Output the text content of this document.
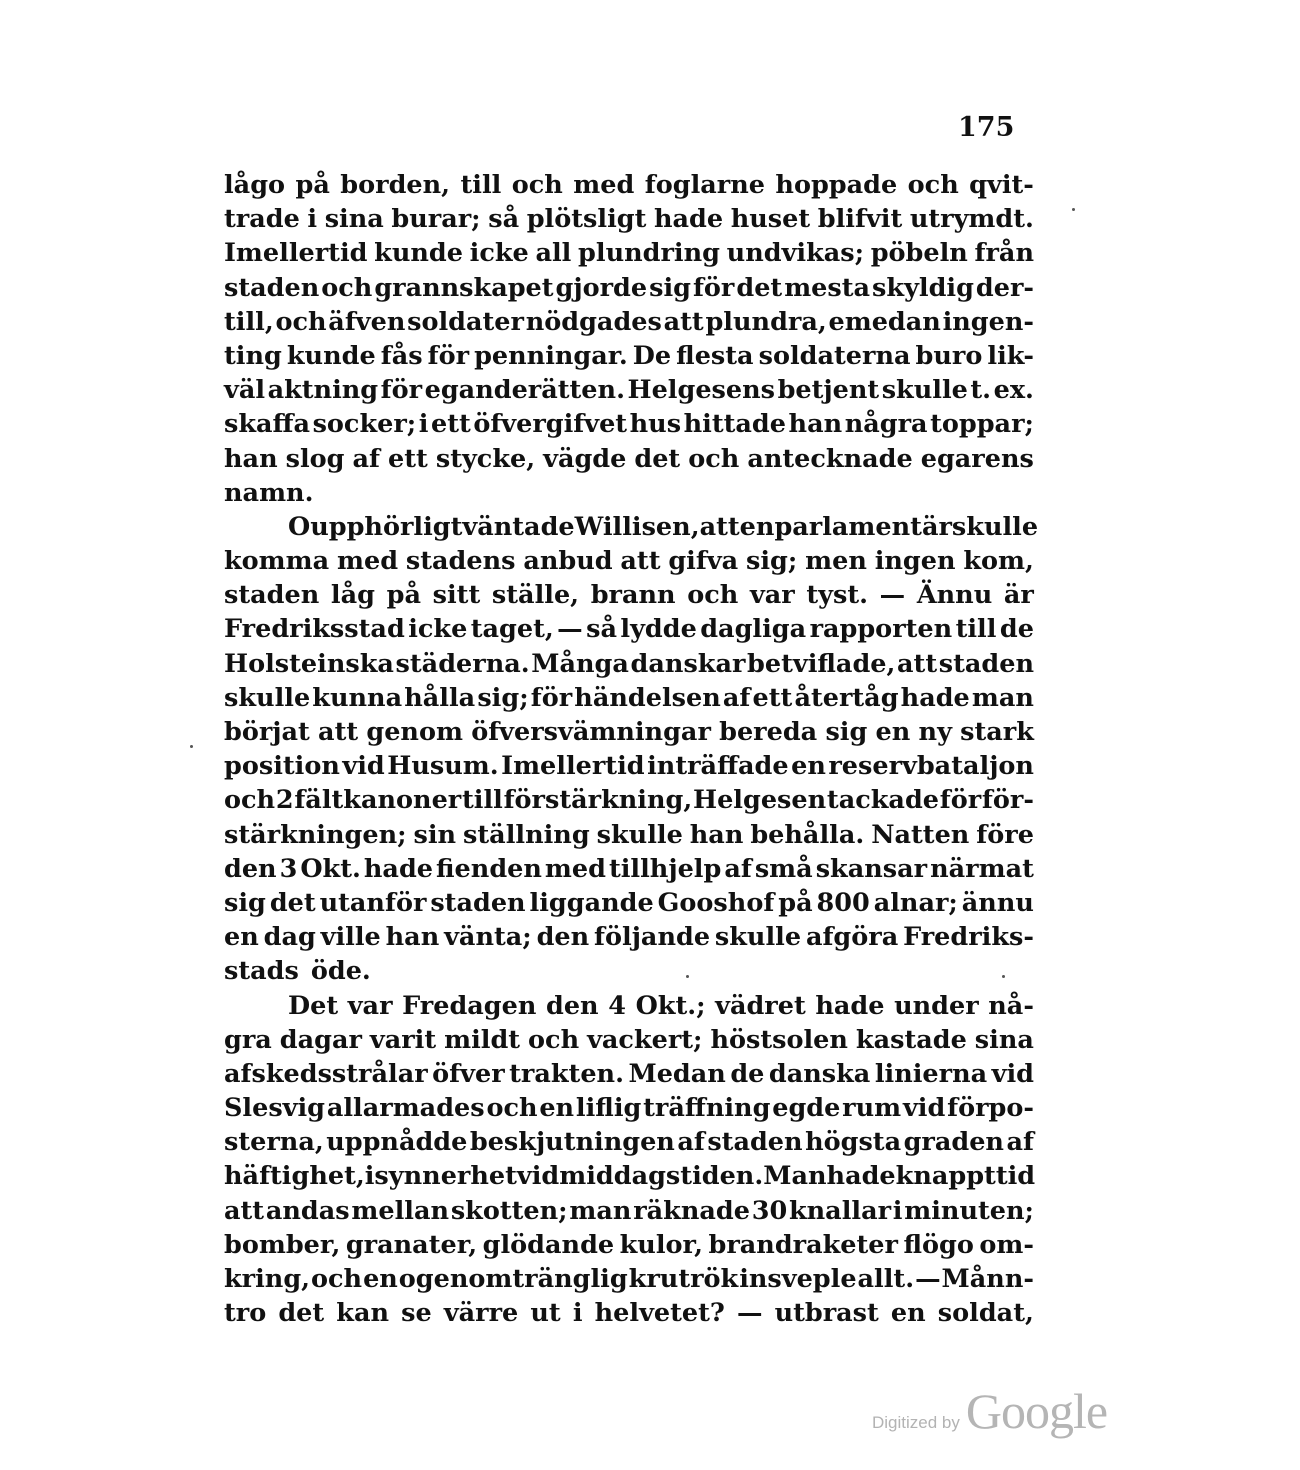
175
lågo på borden, till och med foglarne hoppade och qvit-
trade i sina burar; så plötsligt hade huset blifvit utrymdt.
Imellertid kunde icke all plundring undvikas; pöbeln från
staden och grannskapet gjorde sig för det mesta skyldig der-
till, och äfven soldater nödgades att plundra, emedan ingen-
ting kunde fås för penningar. De flesta soldaterna buro lik-
väl aktning för eganderätten. Helgesens betjent skulle t. ex.
skaffa socker; i ett öfvergifvet hus hittade han några toppar;
han slog af ett stycke, vägde det och antecknade egarens
namn.
Oupphörligt väntade Willisen, att en parlamentär skulle
komma med stadens anbud att gifva sig; men ingen kom,
staden låg på sitt ställe, brann och var tyst. — Ännu är
Fredriksstad icke taget, — så lydde dagliga rapporten till de
Holsteinska städerna. Många danskar betviflade, att staden
skulle kunna hålla sig; för händelsen af ett återtåg hade man
börjat att genom öfversvämningar bereda sig en ny stark
position vid Husum. Imellertid inträffade en reservbataljon
och 2 fältkanoner till förstärkning, Helgesen tackade för för-
stärkningen; sin ställning skulle han behålla. Natten före
den 3 Okt. hade fienden med tillhjelp af små skansar närmat
sig det utanför staden liggande Gooshof på 800 alnar; ännu
en dag ville han vänta; den följande skulle afgöra Fredriks-
stads öde.
Det var Fredagen den 4 Okt.; vädret hade under nå-
gra dagar varit mildt och vackert; höstsolen kastade sina
afskedsstrålar öfver trakten. Medan de danska linierna vid
Slesvig allarmades och en liflig träffning egde rum vid förpo-
sterna, uppnådde beskjutningen af staden högsta graden af
häftighet, isynnerhet vid middagstiden. Man hade knappt tid
att andas mellan skotten; man räknade 30 knallar i minuten;
bomber, granater, glödande kulor, brandraketer flögo om-
kring, och en ogenomtränglig krutrök insveple allt. — Månn-
tro det kan se värre ut i helvetet? — utbrast en soldat,
Digitized by Google
